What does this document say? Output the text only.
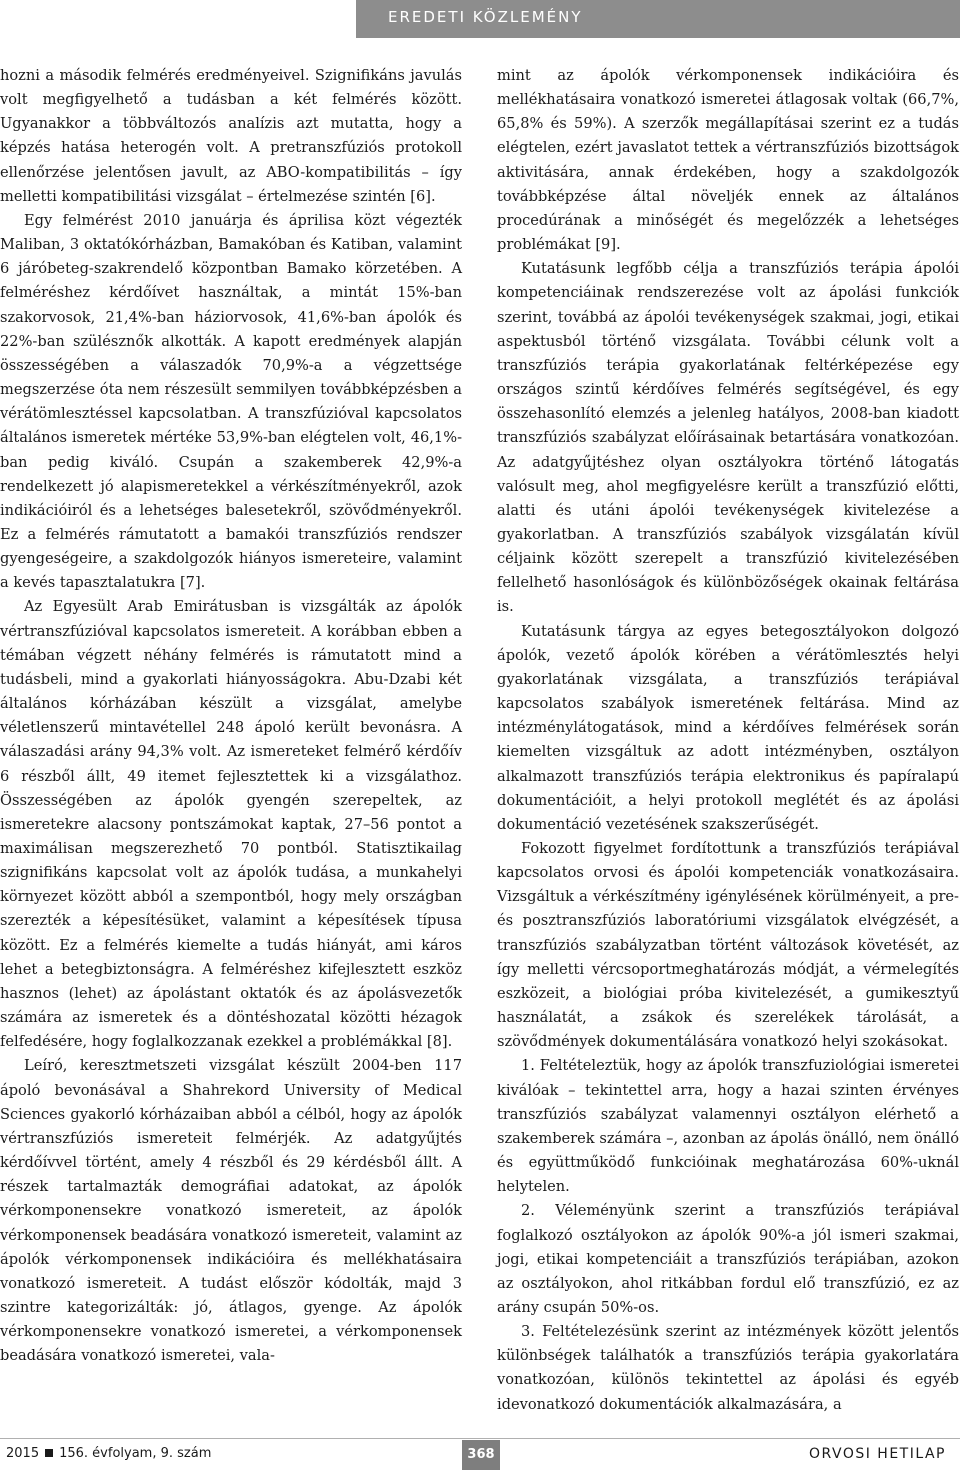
EREDETI KÖZLEMÉNY

hozni a második felmérés eredményeivel. Szignifikáns javulás volt megfigyelhető a tudásban a két felmérés között. Ugyanakkor a többváltozós analízis azt mutatta, hogy a képzés hatása heterogén volt. A pretranszfúziós protokoll ellenőrzése jelentősen javult, az ABO-kompatibilitás – így melletti kompatibilitási vizsgálat – értelmezése szintén [6].

Egy felmérést 2010 januárja és áprilisa közt végezték Maliban, 3 oktatókórházban, Bamakóban és Katiban, valamint 6 járóbeteg-szakrendelő központban Bamako körzetében. A felméréshez kérdőívet használtak, a mintát 15%-ban szakorvosok, 21,4%-ban háziorvosok, 41,6%-ban ápolók és 22%-ban szülésznők alkották. A kapott eredmények alapján összességében a válaszadók 70,9%-a a végzettsége megszerzése óta nem részesült semmilyen továbbképzésben a vérátömlesztéssel kapcsolatban. A transzfúzióval kapcsolatos általános ismeretek mértéke 53,9%-ban elégtelen volt, 46,1%-ban pedig kiváló. Csupán a szakemberek 42,9%-a rendelkezett jó alapismeretekkel a vérkészítményekről, azok indikációiról és a lehetséges balesetekről, szövődményekről. Ez a felmérés rámutatott a bamakói transzfúziós rendszer gyengeségeire, a szakdolgozók hiányos ismereteire, valamint a kevés tapasztalatukra [7].

Az Egyesült Arab Emirátusban is vizsgálták az ápolók vértranszfúzióval kapcsolatos ismereteit. A korábban ebben a témában végzett néhány felmérés is rámutatott mind a tudásbeli, mind a gyakorlati hiányosságokra. Abu-Dzabi két általános kórházában készült a vizsgálat, amelybe véletlenszerű mintavétellel 248 ápoló került bevonásra. A válaszadási arány 94,3% volt. Az ismereteket felmérő kérdőív 6 részből állt, 49 itemet fejlesztettek ki a vizsgálathoz. Összességében az ápolók gyengén szerepeltek, az ismeretekre alacsony pontszámokat kaptak, 27–56 pontot a maximálisan megszerezhető 70 pontból. Statisztikailag szignifikáns kapcsolat volt az ápolók tudása, a munkahelyi környezet között abból a szempontból, hogy mely országban szerezték a képesítésüket, valamint a képesítések típusa között. Ez a felmérés kiemelte a tudás hiányát, ami káros lehet a betegbiztonságra. A felméréshez kifejlesztett eszköz hasznos (lehet) az ápolástant oktatók és az ápolásvezetők számára az ismeretek és a döntéshozatal közötti hézagok felfedésére, hogy foglalkozzanak ezekkel a problémákkal [8].

Leíró, keresztmetszeti vizsgálat készült 2004-ben 117 ápoló bevonásával a Shahrekord University of Medical Sciences gyakorló kórházaiban abból a célból, hogy az ápolók vértranszfúziós ismereteit felmérjék. Az adatgyűjtés kérdőívvel történt, amely 4 részből és 29 kérdésből állt. A részek tartalmazták demográfiai adatokat, az ápolók vérkomponensekre vonatkozó ismereteit, az ápolók vérkomponensek beadására vonatkozó ismereteit, valamint az ápolók vérkomponensek indikációira és mellékhatásaira vonatkozó ismereteit. A tudást először kódolták, majd 3 szintre kategorizálták: jó, átlagos, gyenge. Az ápolók vérkomponensekre vonatkozó ismeretei, a vérkomponensek beadására vonatkozó ismeretei, vala-

mint az ápolók vérkomponensek indikációira és mellékhatásaira vonatkozó ismeretei átlagosak voltak (66,7%, 65,8% és 59%). A szerzők megállapításai szerint ez a tudás elégtelen, ezért javaslatot tettek a vértranszfúziós bizottságok aktivitására, annak érdekében, hogy a szakdolgozók továbbképzése által növeljék ennek az általános procedúrának a minőségét és megelőzzék a lehetséges problémákat [9].

Kutatásunk legfőbb célja a transzfúziós terápia ápolói kompetenciáinak rendszerezése volt az ápolási funkciók szerint, továbbá az ápolói tevékenységek szakmai, jogi, etikai aspektusból történő vizsgálata. További célunk volt a transzfúziós terápia gyakorlatának feltérképezése egy országos szintű kérdőíves felmérés segítségével, és egy összehasonlító elemzés a jelenleg hatályos, 2008-ban kiadott transzfúziós szabályzat előírásainak betartására vonatkozóan. Az adatgyűjtéshez olyan osztályokra történő látogatás valósult meg, ahol megfigyelésre került a transzfúzió előtti, alatti és utáni ápolói tevékenységek kivitelezése a gyakorlatban. A transzfúziós szabályok vizsgálatán kívül céljaink között szerepelt a transzfúzió kivitelezésében fellelhető hasonlóságok és különbözőségek okainak feltárása is.

Kutatásunk tárgya az egyes betegosztályokon dolgozó ápolók, vezető ápolók körében a vérátömlesztés helyi gyakorlatának vizsgálata, a transzfúziós terápiával kapcsolatos szabályok ismeretének feltárása. Mind az intézménylátogatások, mind a kérdőíves felmérések során kiemelten vizsgáltuk az adott intézményben, osztályon alkalmazott transzfúziós terápia elektronikus és papíralapú dokumentációit, a helyi protokoll meglétét és az ápolási dokumentáció vezetésének szakszerűségét.

Fokozott figyelmet fordítottunk a transzfúziós terápiával kapcsolatos orvosi és ápolói kompetenciák vonatkozásaira. Vizsgáltuk a vérkészítmény igénylésének körülményeit, a pre- és posztranszfúziós laboratóriumi vizsgálatok elvégzését, a transzfúziós szabályzatban történt változások követését, az így melletti vércsoportmeghatározás módját, a vérmelegítés eszközeit, a biológiai próba kivitelezését, a gumikesztyű használatát, a zsákok és szerelékek tárolását, a szövődmények dokumentálására vonatkozó helyi szokásokat.

1. Feltételeztük, hogy az ápolók transzfuziológiai ismeretei kiválóak – tekintettel arra, hogy a hazai szinten érvényes transzfúziós szabályzat valamennyi osztályon elérhető a szakemberek számára –, azonban az ápolás önálló, nem önálló és együttműködő funkcióinak meghatározása 60%-uknál helytelen.

2. Véleményünk szerint a transzfúziós terápiával foglalkozó osztályokon az ápolók 90%-a jól ismeri szakmai, jogi, etikai kompetenciáit a transzfúziós terápiában, azokon az osztályokon, ahol ritkábban fordul elő transzfúzió, ez az arány csupán 50%-os.

3. Feltételezésünk szerint az intézmények között jelentős különbségek találhatók a transzfúziós terápia gyakorlatára vonatkozóan, különös tekintettel az ápolási és egyéb idevonatkozó dokumentációk alkalmazására, a

2015 156. évfolyam, 9. szám	368	ORVOSI HETILAP
